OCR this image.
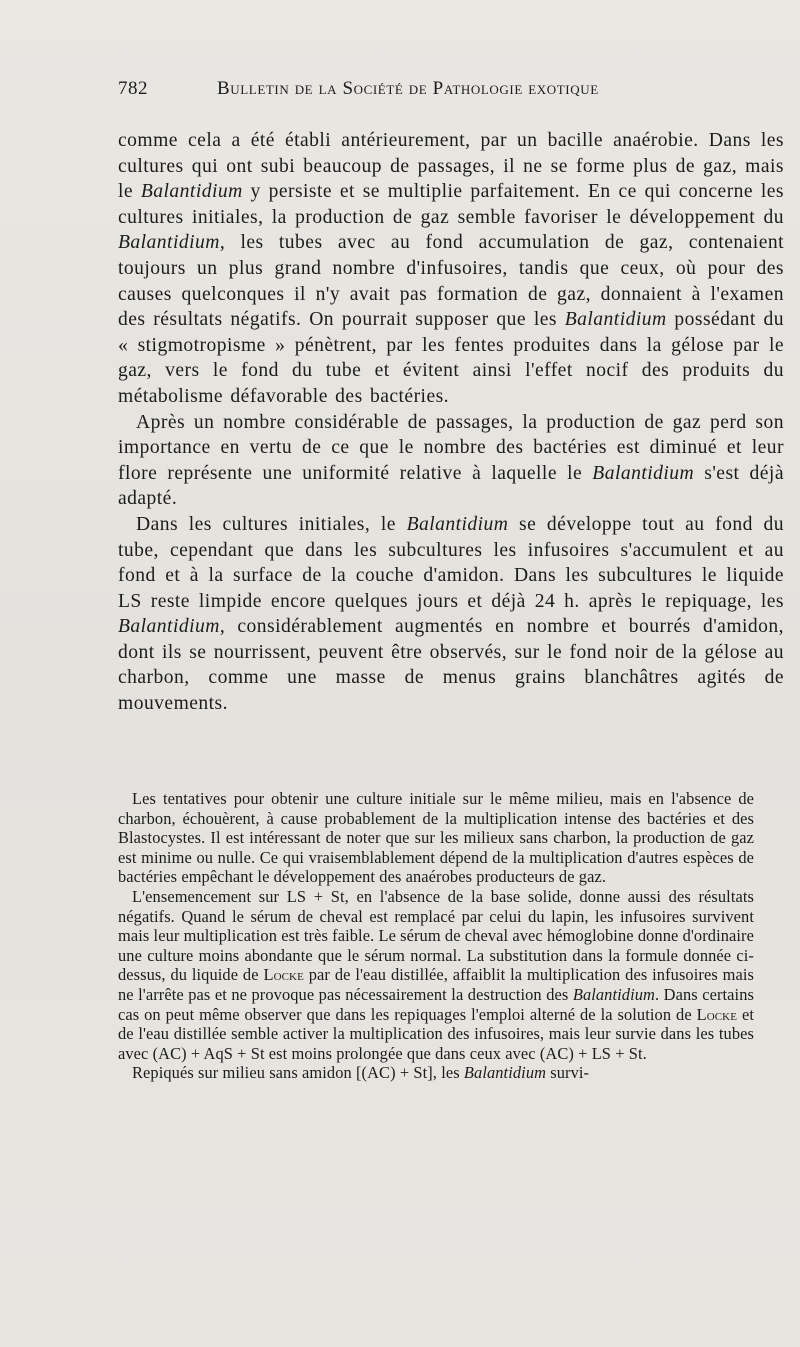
782	Bulletin de la Société de Pathologie exotique

comme cela a été établi antérieurement, par un bacille anaérobie. Dans les cultures qui ont subi beaucoup de passages, il ne se forme plus de gaz, mais le Balantidium y persiste et se multiplie parfaitement. En ce qui concerne les cultures initiales, la production de gaz semble favoriser le développement du Balantidium, les tubes avec au fond accumulation de gaz, contenaient toujours un plus grand nombre d'infusoires, tandis que ceux, où pour des causes quelconques il n'y avait pas formation de gaz, donnaient à l'examen des résultats négatifs. On pourrait supposer que les Balantidium possédant du « stigmotropisme » pénètrent, par les fentes produites dans la gélose par le gaz, vers le fond du tube et évitent ainsi l'effet nocif des produits du métabolisme défavorable des bactéries.

Après un nombre considérable de passages, la production de gaz perd son importance en vertu de ce que le nombre des bactéries est diminué et leur flore représente une uniformité relative à laquelle le Balantidium s'est déjà adapté.

Dans les cultures initiales, le Balantidium se développe tout au fond du tube, cependant que dans les subcultures les infusoires s'accumulent et au fond et à la surface de la couche d'amidon. Dans les subcultures le liquide LS reste limpide encore quelques jours et déjà 24 h. après le repiquage, les Balantidium, considérablement augmentés en nombre et bourrés d'amidon, dont ils se nourrissent, peuvent être observés, sur le fond noir de la gélose au charbon, comme une masse de menus grains blanchâtres agités de mouvements.

Les tentatives pour obtenir une culture initiale sur le même milieu, mais en l'absence de charbon, échouèrent, à cause probablement de la multiplication intense des bactéries et des Blastocystes. Il est intéressant de noter que sur les milieux sans charbon, la production de gaz est minime ou nulle. Ce qui vraisemblablement dépend de la multiplication d'autres espèces de bactéries empêchant le développement des anaérobes producteurs de gaz.

L'ensemencement sur LS + St, en l'absence de la base solide, donne aussi des résultats négatifs. Quand le sérum de cheval est remplacé par celui du lapin, les infusoires survivent mais leur multiplication est très faible. Le sérum de cheval avec hémoglobine donne d'ordinaire une culture moins abondante que le sérum normal. La substitution dans la formule donnée ci-dessus, du liquide de Locke par de l'eau distillée, affaiblit la multiplication des infusoires mais ne l'arrête pas et ne provoque pas nécessairement la destruction des Balantidium. Dans certains cas on peut même observer que dans les repiquages l'emploi alterné de la solution de Locke et de l'eau distillée semble activer la multiplication des infusoires, mais leur survie dans les tubes avec (AC) + AqS + St est moins prolongée que dans ceux avec (AC) + LS + St.

Repiqués sur milieu sans amidon [(AC) + St], les Balantidium survi-
